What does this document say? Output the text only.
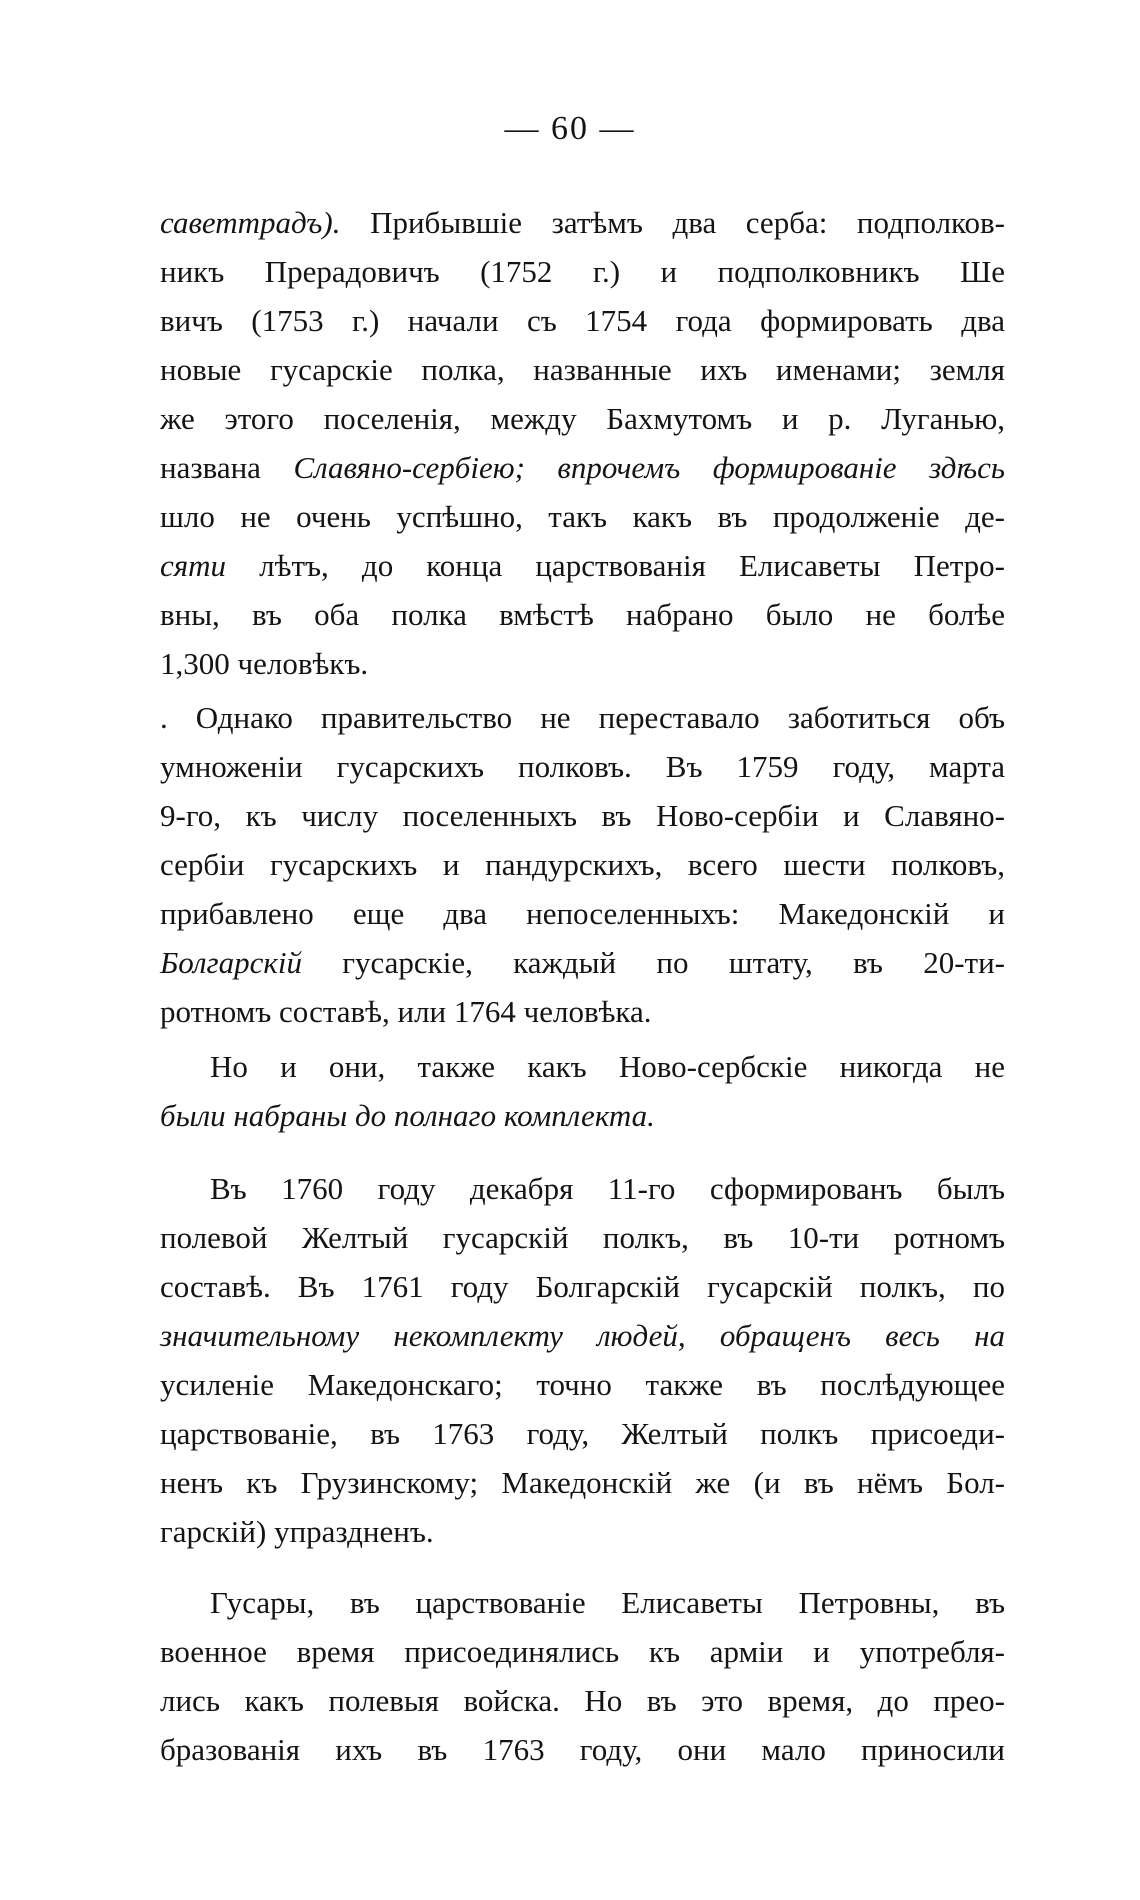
— 60 —

саветтрадъ). Прибывшіе затѣмъ два серба: подполков-
никъ Прерадовичъ (1752 г.) и подполковникъ Ше
вичъ (1753 г.) начали съ 1754 года формировать два
новые гусарскіе полка, названные ихъ именами; земля
же этого поселенія, между Бахмутомъ и р. Луганью,
названа Славяно-сербіею; впрочемъ формированіе здѣсь
шло не очень успѣшно, такъ какъ въ продолженіе де-
сяти лѣтъ, до конца царствованія Елисаветы Петро-
вны, въ оба полка вмѣстѣ набрано было не болѣе
1,300 человѣкъ.
. Однако правительство не переставало заботиться объ
умноженіи гусарскихъ полковъ. Въ 1759 году, марта
9-го, къ числу поселенныхъ въ Ново-сербіи и Славяно-
сербіи гусарскихъ и пандурскихъ, всего шести полковъ,
прибавлено еще два непоселенныхъ: Македонскій и
Болгарскій гусарскіе, каждый по штату, въ 20-ти-
ротномъ составѣ, или 1764 человѣка.
Но и они, также какъ Ново-сербскіе никогда не
были набраны до полнаго комплекта.
Въ 1760 году декабря 11-го сформированъ былъ
полевой Желтый гусарскій полкъ, въ 10-ти ротномъ
составѣ. Въ 1761 году Болгарскій гусарскій полкъ, по
значительному некомплекту людей, обращенъ весь на
усиленіе Македонскаго; точно также въ послѣдующее
царствованіе, въ 1763 году, Желтый полкъ присоеди-
ненъ къ Грузинскому; Македонскій же (и въ нёмъ Бол-
гарскій) упраздненъ.
Гусары, въ царствованіе Елисаветы Петровны, въ
военное время присоединялись къ арміи и употребля-
лись какъ полевыя войска. Но въ это время, до прео-
бразованія ихъ въ 1763 году, они мало приносили
